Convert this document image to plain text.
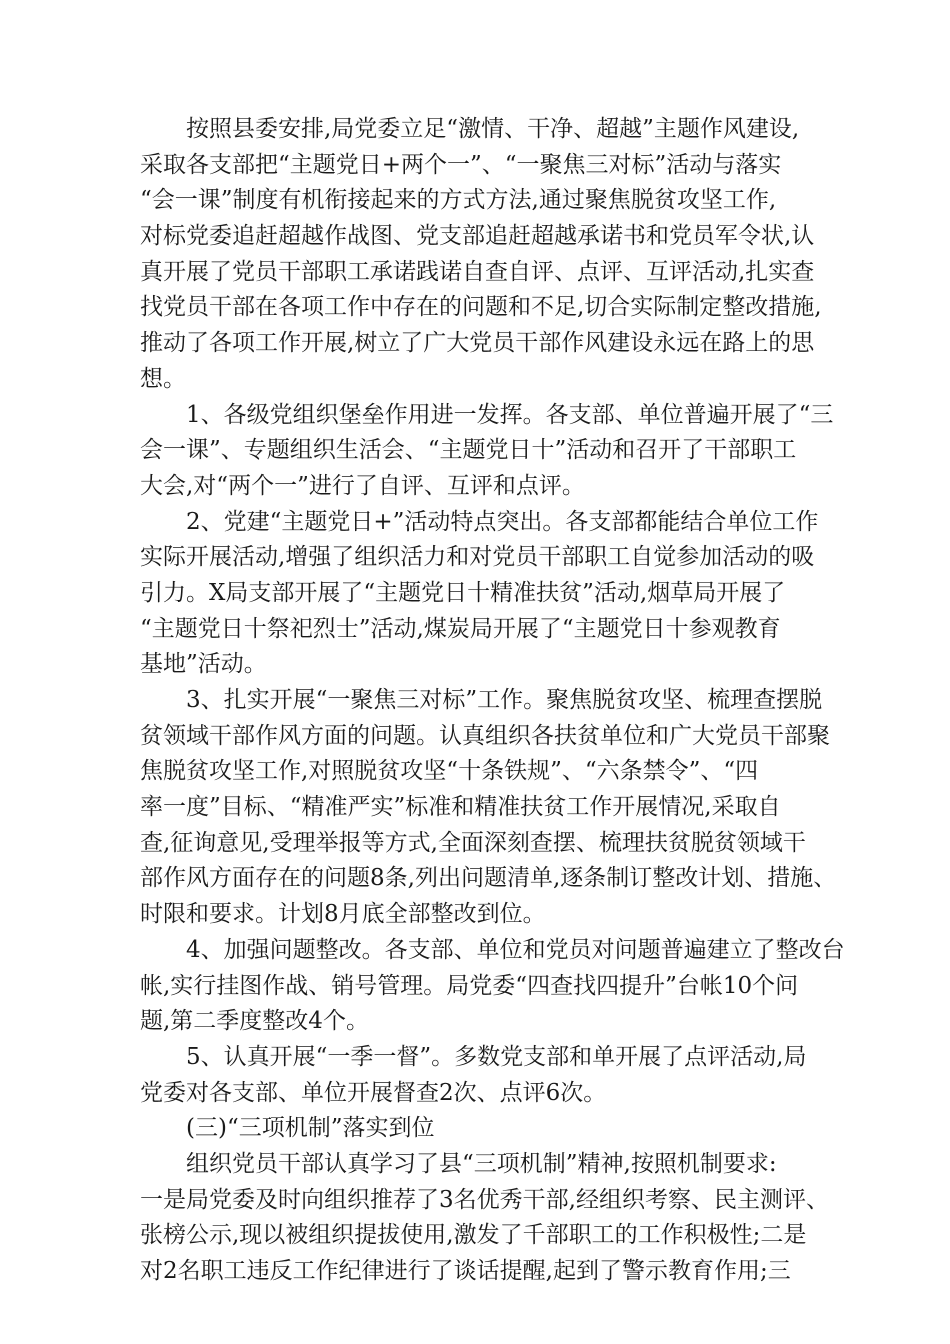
按照县委安排,局党委立足“激情、干净、超越”主题作风建设,
采取各支部把“主题党日+两个一”、“一聚焦三对标”活动与落实
“会一课”制度有机衔接起来的方式方法,通过聚焦脱贫攻坚工作,
对标党委追赶超越作战图、党支部追赶超越承诺书和党员军令状,认
真开展了党员干部职工承诺践诺自查自评、点评、互评活动,扎实查
找党员干部在各项工作中存在的问题和不足,切合实际制定整改措施,
推动了各项工作开展,树立了广大党员干部作风建设永远在路上的思
想。
1、各级党组织堡垒作用进一发挥。各支部、单位普遍开展了“三
会一课”、专题组织生活会、“主题党日十”活动和召开了干部职工
大会,对“两个一”进行了自评、互评和点评。
2、党建“主题党日+”活动特点突出。各支部都能结合单位工作
实际开展活动,增强了组织活力和对党员干部职工自觉参加活动的吸
引力。X局支部开展了“主题党日十精准扶贫”活动,烟草局开展了
“主题党日十祭祀烈士”活动,煤炭局开展了“主题党日十参观教育
基地”活动。
3、扎实开展“一聚焦三对标”工作。聚焦脱贫攻坚、梳理查摆脱
贫领域干部作风方面的问题。认真组织各扶贫单位和广大党员干部聚
焦脱贫攻坚工作,对照脱贫攻坚“十条铁规”、“六条禁令”、“四
率一度”目标、“精准严实”标准和精准扶贫工作开展情况,采取自
查,征询意见,受理举报等方式,全面深刻查摆、梳理扶贫脱贫领域干
部作风方面存在的问题8条,列出问题清单,逐条制订整改计划、措施、
时限和要求。计划8月底全部整改到位。
4、加强问题整改。各支部、单位和党员对问题普遍建立了整改台
帐,实行挂图作战、销号管理。局党委“四查找四提升”台帐10个问
题,第二季度整改4个。
5、认真开展“一季一督”。多数党支部和单开展了点评活动,局
党委对各支部、单位开展督查2次、点评6次。
(三)“三项机制”落实到位
组织党员干部认真学习了县“三项机制”精神,按照机制要求:
一是局党委及时向组织推荐了3名优秀干部,经组织考察、民主测评、
张榜公示,现以被组织提拔使用,激发了千部职工的工作积极性;二是
对2名职工违反工作纪律进行了谈话提醒,起到了警示教育作用;三
